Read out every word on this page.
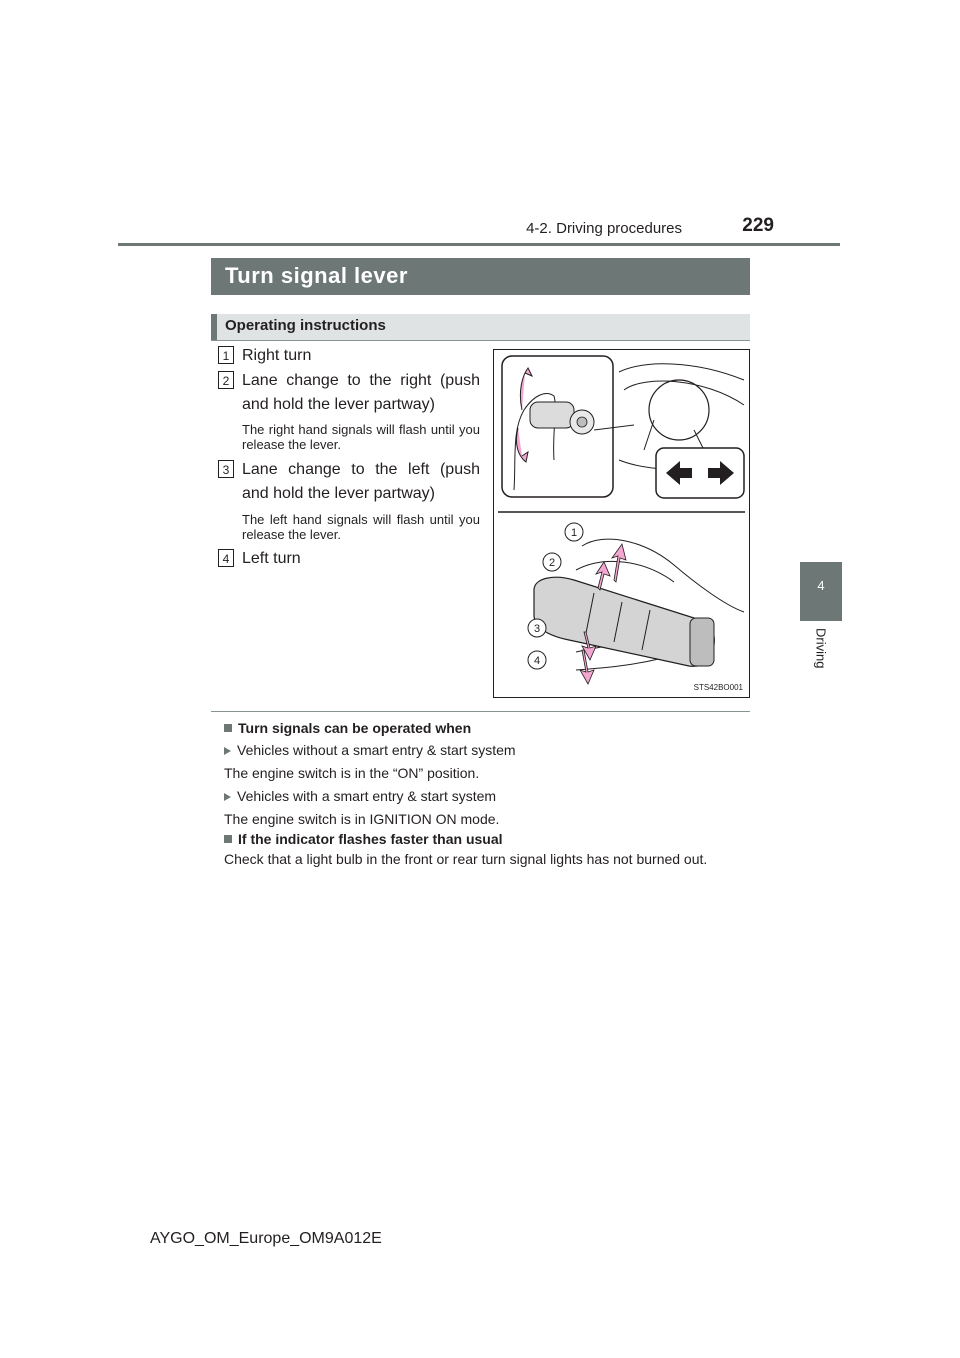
4-2. Driving procedures	229
4
Driving
Turn signal lever
Operating instructions
1 Right turn
2 Lane change to the right (push and hold the lever partway)
The right hand signals will flash until you release the lever.
3 Lane change to the left (push and hold the lever partway)
The left hand signals will flash until you release the lever.
4 Left turn
1
2
3
4
STS42BO001
Turn signals can be operated when
Vehicles without a smart entry & start system
The engine switch is in the “ON” position.
Vehicles with a smart entry & start system
The engine switch is in IGNITION ON mode.
If the indicator flashes faster than usual
Check that a light bulb in the front or rear turn signal lights has not burned out.
AYGO_OM_Europe_OM9A012E
